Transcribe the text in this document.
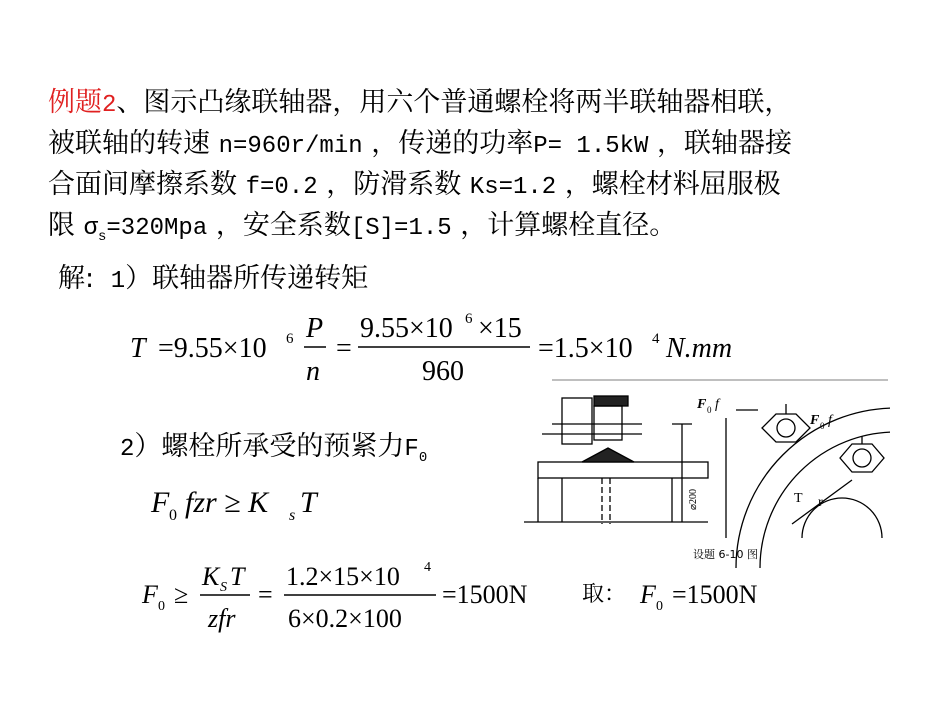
例题2、图示凸缘联轴器，用六个普通螺栓将两半联轴器相联，
被联轴的转速 n=960r/min ，传递的功率P= 1.5kW ，联轴器接
合面间摩擦系数 f=0.2 ，防滑系数 Ks=1.2 ，螺栓材料屈服极
限 $\sigma_s=320Mpa$ ，安全系数[S]=1.5 ，计算螺栓直径。
解: 1）联轴器所传递转矩
T =9.55×10 6 P
n
=
9.55×10 6 ×15
960
=1.5×10 4 N.mm
2）螺栓所承受的预紧力$F_0$
F 0 fzr ≥ K s T
F 0 ≥
K S T
zfr
=
1.2×15×10 4
6×0.2×100
=1500N 取： F 0 =1500N
F 0 f
F 0 f
T r
⌀200
设题 6-10 图
